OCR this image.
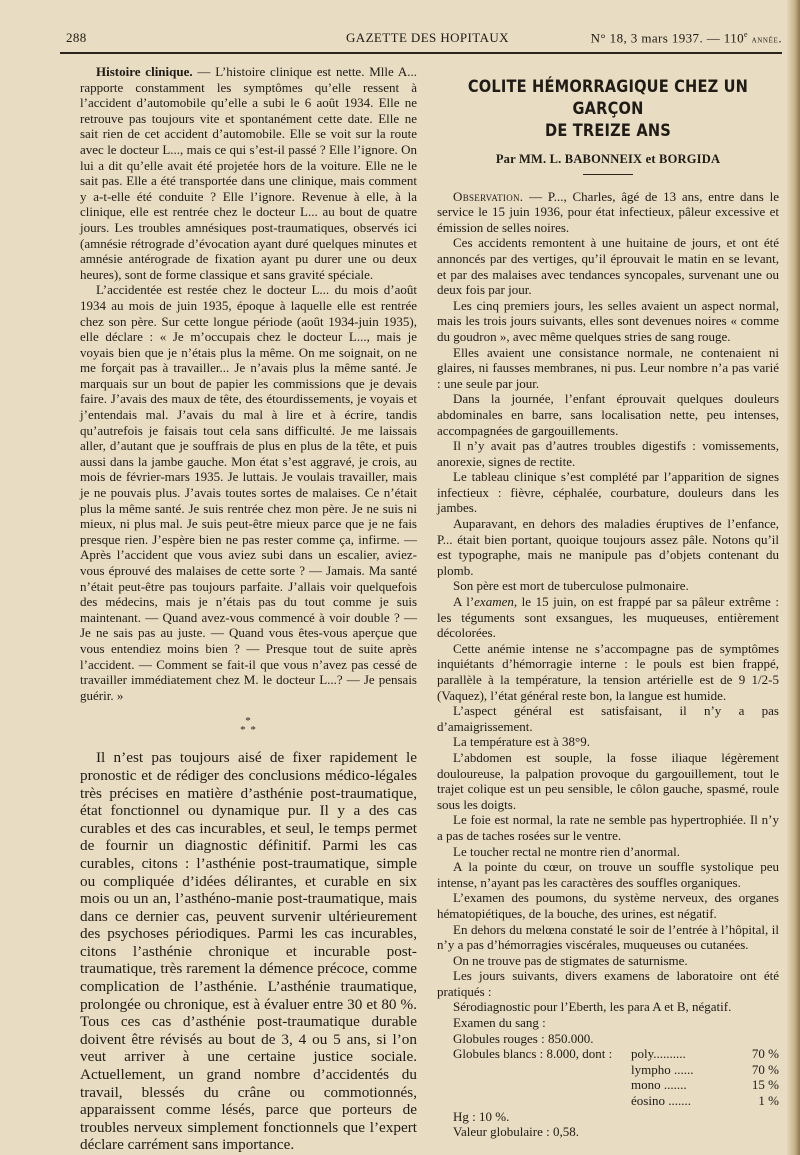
288	GAZETTE DES HOPITAUX	N° 18, 3 mars 1937. — 110e année.

Histoire clinique. — L’histoire clinique est nette. Mlle A... rapporte constamment les symptômes qu’elle ressent à l’accident d’automobile qu’elle a subi le 6 août 1934. Elle ne retrouve pas toujours vite et spontanément cette date. Elle ne sait rien de cet accident d’automobile. Elle se voit sur la route avec le docteur L..., mais ce qui s’est-il passé ? Elle l’ignore. On lui a dit qu’elle avait été projetée hors de la voiture. Elle ne le sait pas. Elle a été transportée dans une clinique, mais comment y a-t-elle été conduite ? Elle l’ignore. Revenue à elle, à la clinique, elle est rentrée chez le docteur L... au bout de quatre jours. Les troubles amnésiques post-traumatiques, observés ici (amnésie rétrograde d’évocation ayant duré quelques minutes et amnésie antérograde de fixation ayant pu durer une ou deux heures), sont de forme classique et sans gravité spéciale.

L’accidentée est restée chez le docteur L... du mois d’août 1934 au mois de juin 1935, époque à laquelle elle est rentrée chez son père. Sur cette longue période (août 1934-juin 1935), elle déclare : « Je m’occupais chez le docteur L..., mais je voyais bien que je n’étais plus la même. On me soignait, on ne me forçait pas à travailler... Je n’avais plus la même santé. Je marquais sur un bout de papier les commissions que je devais faire. J’avais des maux de tête, des étourdissements, je voyais et j’entendais mal. J’avais du mal à lire et à écrire, tandis qu’autrefois je faisais tout cela sans difficulté. Je me laissais aller, d’autant que je souffrais de plus en plus de la tête, et puis aussi dans la jambe gauche. Mon état s’est aggravé, je crois, au mois de février-mars 1935. Je luttais. Je voulais travailler, mais je ne pouvais plus. J’avais toutes sortes de malaises. Ce n’était plus la même santé. Je suis rentrée chez mon père. Je ne suis ni mieux, ni plus mal. Je suis peut-être mieux parce que je ne fais presque rien. J’espère bien ne pas rester comme ça, infirme. — Après l’accident que vous aviez subi dans un escalier, aviez-vous éprouvé des malaises de cette sorte ? — Jamais. Ma santé n’était peut-être pas toujours parfaite. J’allais voir quelquefois des médecins, mais je n’étais pas du tout comme je suis maintenant. — Quand avez-vous commencé à voir double ? — Je ne sais pas au juste. — Quand vous êtes-vous aperçue que vous entendiez moins bien ? — Presque tout de suite après l’accident. — Comment se fait-il que vous n’avez pas cessé de travailler immédiatement chez M. le docteur L...? — Je pensais guérir. »

*
* *

Il n’est pas toujours aisé de fixer rapidement le pronostic et de rédiger des conclusions médico-légales très précises en matière d’asthénie post-traumatique, état fonctionnel ou dynamique pur. Il y a des cas curables et des cas incurables, et seul, le temps permet de fournir un diagnostic définitif. Parmi les cas curables, citons : l’asthénie post-traumatique, simple ou compliquée d’idées délirantes, et curable en six mois ou un an, l’asthéno-manie post-traumatique, mais dans ce dernier cas, peuvent survenir ultérieurement des psychoses périodiques. Parmi les cas incurables, citons l’asthénie chronique et incurable post-traumatique, très rarement la démence précoce, comme complication de l’asthénie. L’asthénie traumatique, prolongée ou chronique, est à évaluer entre 30 et 80 %. Tous ces cas d’asthénie post-traumatique durable doivent être révisés au bout de 3, 4 ou 5 ans, si l’on veut arriver à une certaine justice sociale. Actuellement, un grand nombre d’accidentés du travail, blessés du crâne ou commotionnés, apparaissent comme lésés, parce que porteurs de troubles nerveux simplement fonctionnels que l’expert déclare carrément sans importance.

COLITE HÉMORRAGIQUE CHEZ UN GARÇON
DE TREIZE ANS
Par MM. L. BABONNEIX et BORGIDA

Observation. — P..., Charles, âgé de 13 ans, entre dans le service le 15 juin 1936, pour état infectieux, pâleur excessive et émission de selles noires.

Ces accidents remontent à une huitaine de jours, et ont été annoncés par des vertiges, qu’il éprouvait le matin en se levant, et par des malaises avec tendances syncopales, survenant une ou deux fois par jour.

Les cinq premiers jours, les selles avaient un aspect normal, mais les trois jours suivants, elles sont devenues noires « comme du goudron », avec même quelques stries de sang rouge.

Elles avaient une consistance normale, ne contenaient ni glaires, ni fausses membranes, ni pus. Leur nombre n’a pas varié : une seule par jour.

Dans la journée, l’enfant éprouvait quelques douleurs abdominales en barre, sans localisation nette, peu intenses, accompagnées de gargouillements.

Il n’y avait pas d’autres troubles digestifs : vomissements, anorexie, signes de rectite.

Le tableau clinique s’est complété par l’apparition de signes infectieux : fièvre, céphalée, courbature, douleurs dans les jambes.

Auparavant, en dehors des maladies éruptives de l’enfance, P... était bien portant, quoique toujours assez pâle. Notons qu’il est typographe, mais ne manipule pas d’objets contenant du plomb.

Son père est mort de tuberculose pulmonaire.

A l’examen, le 15 juin, on est frappé par sa pâleur extrême : les téguments sont exsangues, les muqueuses, entièrement décolorées.

Cette anémie intense ne s’accompagne pas de symptômes inquiétants d’hémorragie interne : le pouls est bien frappé, parallèle à la température, la tension artérielle est de 9 1/2-5 (Vaquez), l’état général reste bon, la langue est humide.

L’aspect général est satisfaisant, il n’y a pas d’amaigrissement.

La température est à 38°9.

L’abdomen est souple, la fosse iliaque légèrement douloureuse, la palpation provoque du gargouillement, tout le trajet colique est un peu sensible, le côlon gauche, spasmé, roule sous les doigts.

Le foie est normal, la rate ne semble pas hypertrophiée. Il n’y a pas de taches rosées sur le ventre.

Le toucher rectal ne montre rien d’anormal.

A la pointe du cœur, on trouve un souffle systolique peu intense, n’ayant pas les caractères des souffles organiques.

L’examen des poumons, du système nerveux, des organes hématopiétiques, de la bouche, des urines, est négatif.

En dehors du melœna constaté le soir de l’entrée à l’hôpital, il n’y a pas d’hémorragies viscérales, muqueuses ou cutanées.

On ne trouve pas de stigmates de saturnisme.

Les jours suivants, divers examens de laboratoire ont été pratiqués :

Sérodiagnostic pour l’Eberth, les para A et B, négatif.

Examen du sang :

Globules rouges : 850.000.

Globules blancs : 8.000, dont : poly..........	70 %
lympho ......	70 %
mono .......	15 %
éosino .......	1 %

Hg : 10 %.

Valeur globulaire : 0,58.
